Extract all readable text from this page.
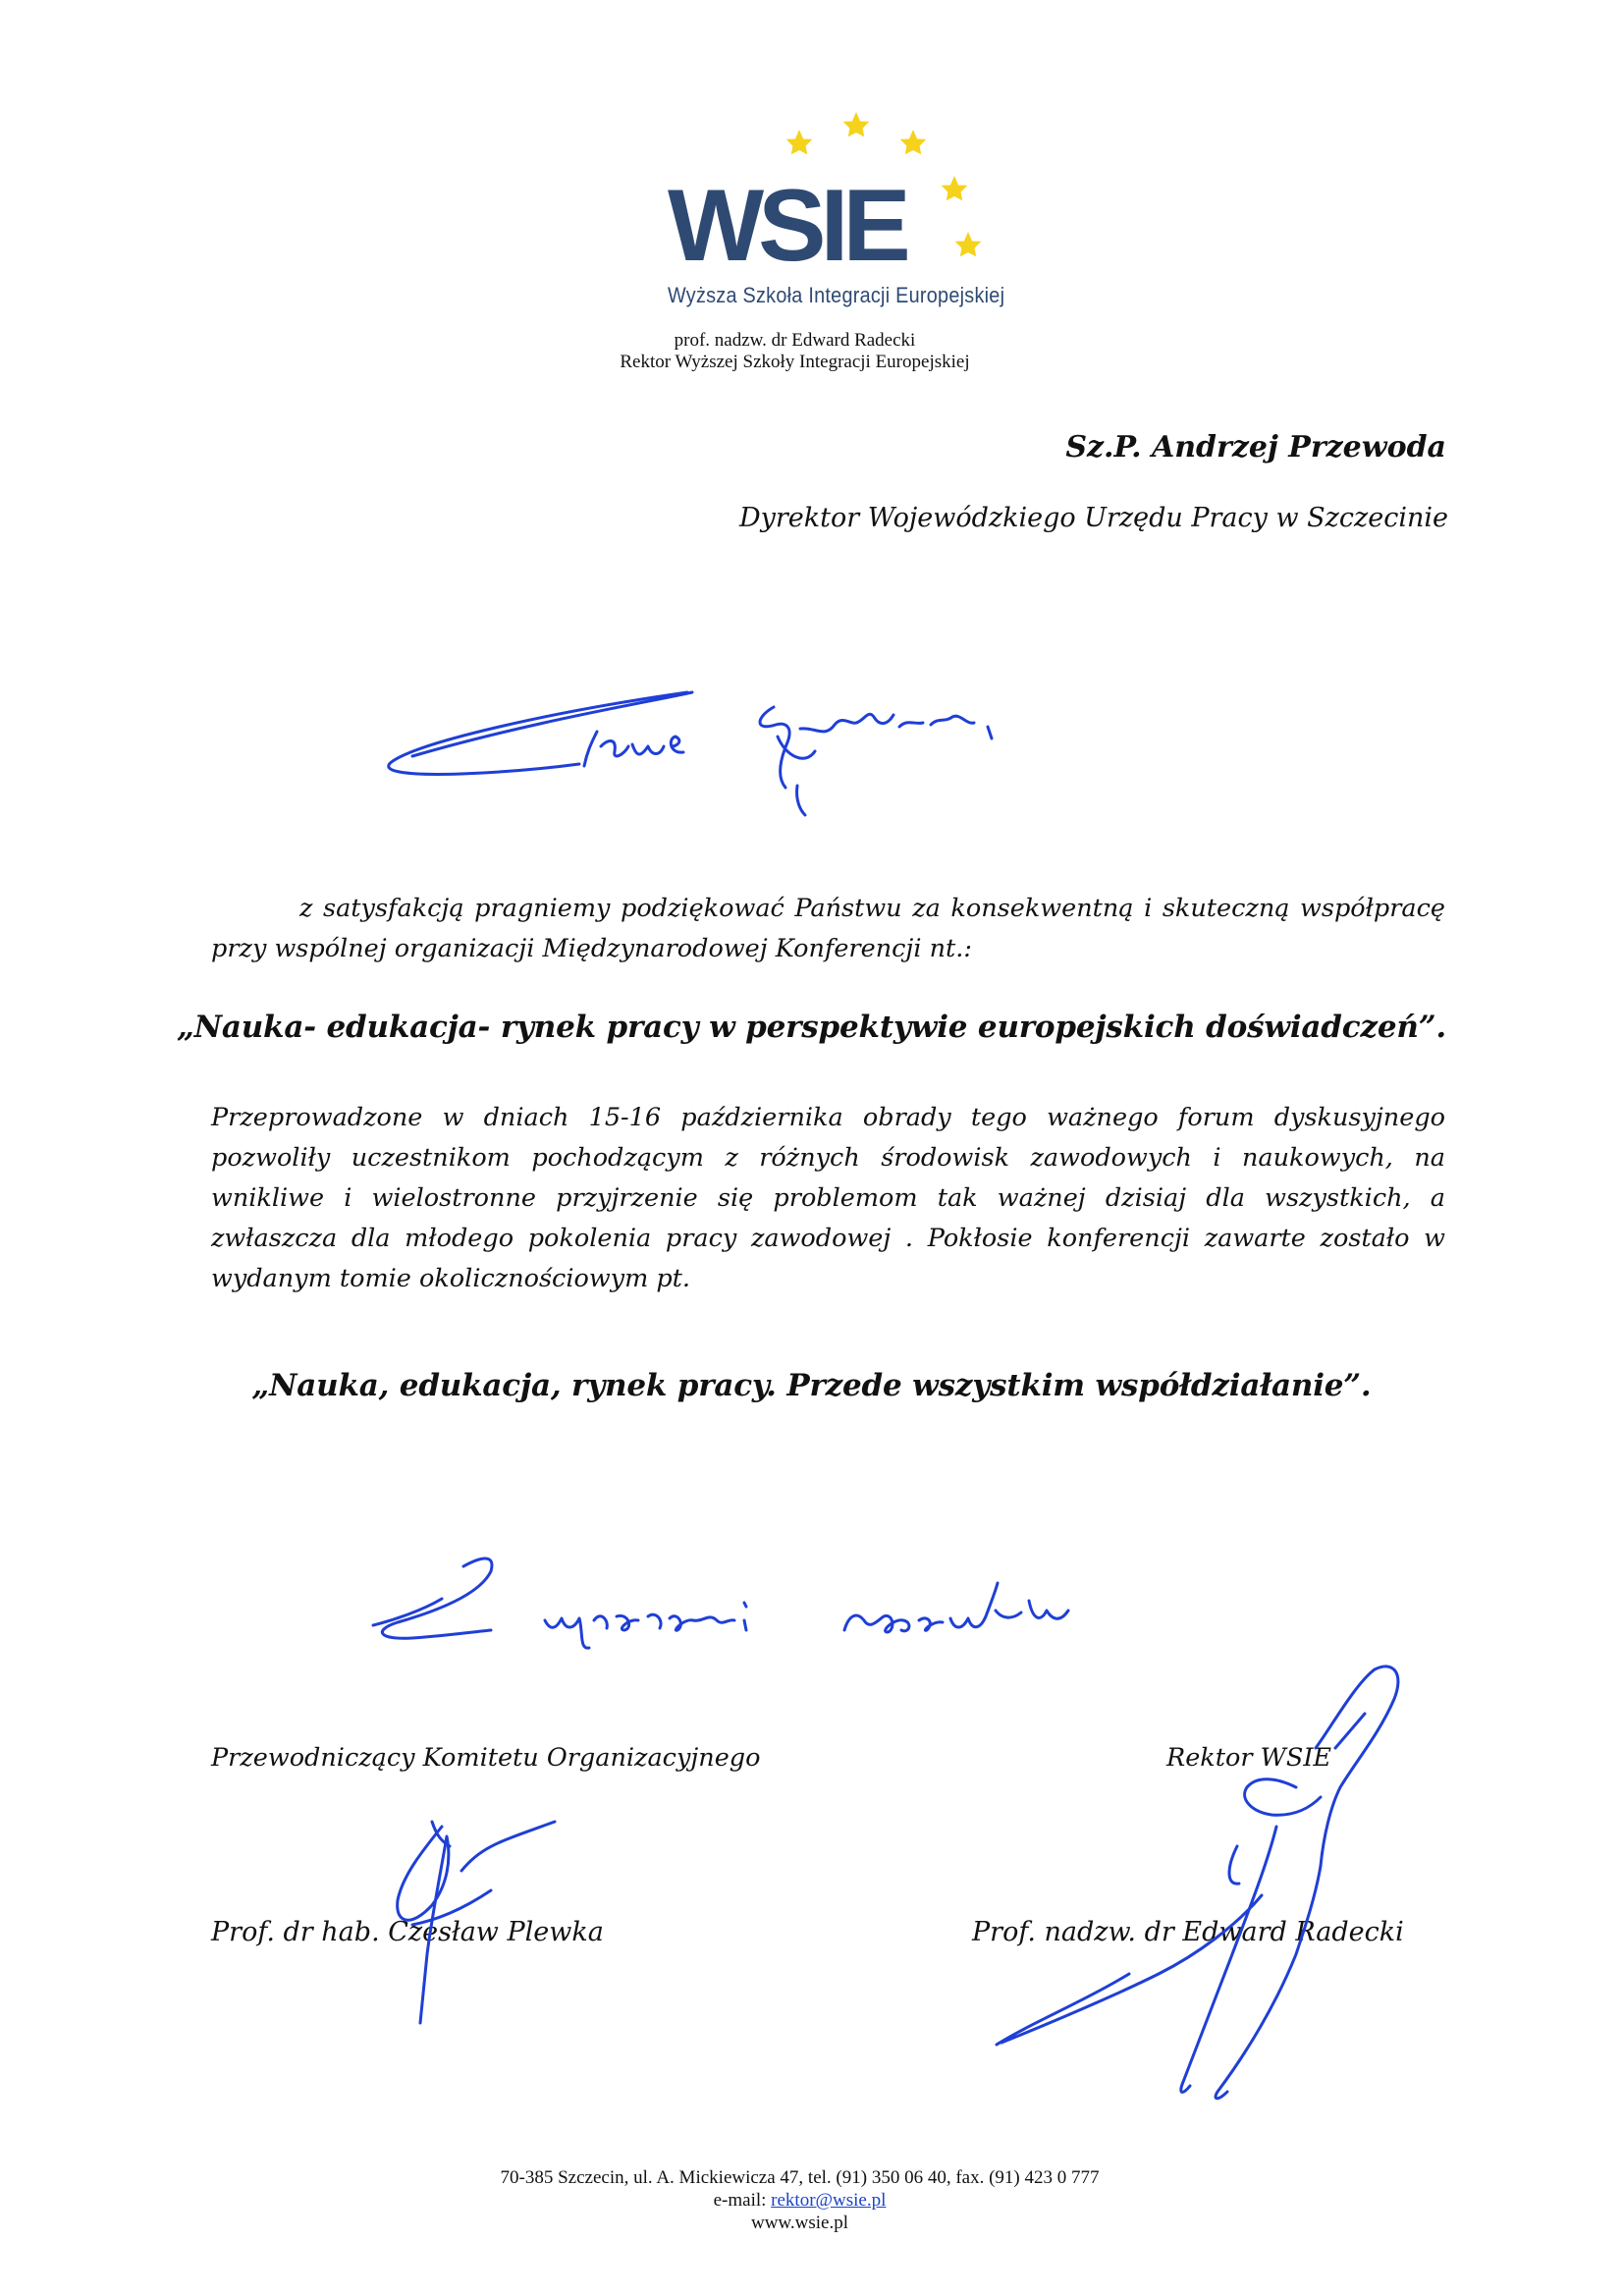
WSIE
Wyższa Szkoła Integracji Europejskiej
prof. nadzw. dr Edward Radecki
Rektor Wyższej Szkoły Integracji Europejskiej
Sz.P. Andrzej Przewoda
Dyrektor Wojewódzkiego Urzędu Pracy w Szczecinie
z satysfakcją pragniemy podziękować Państwu za konsekwentną i skuteczną współpracę przy wspólnej organizacji Międzynarodowej Konferencji nt.:
„Nauka- edukacja- rynek pracy w perspektywie europejskich doświadczeń”.
Przeprowadzone w dniach 15-16 października obrady tego ważnego forum dyskusyjnego pozwoliły uczestnikom pochodzącym z różnych środowisk zawodowych i naukowych, na wnikliwe i wielostronne przyjrzenie się problemom tak ważnej dzisiaj dla wszystkich, a zwłaszcza dla młodego pokolenia pracy zawodowej . Pokłosie konferencji zawarte zostało w wydanym tomie okolicznościowym pt.
„Nauka, edukacja, rynek pracy. Przede wszystkim współdziałanie”.
Przewodniczący Komitetu Organizacyjnego
Prof. dr hab. Czesław Plewka
Rektor WSIE
Prof. nadzw. dr Edward Radecki
70-385 Szczecin, ul. A. Mickiewicza 47, tel. (91) 350 06 40, fax. (91) 423 0 777
e-mail: rektor@wsie.pl
www.wsie.pl
